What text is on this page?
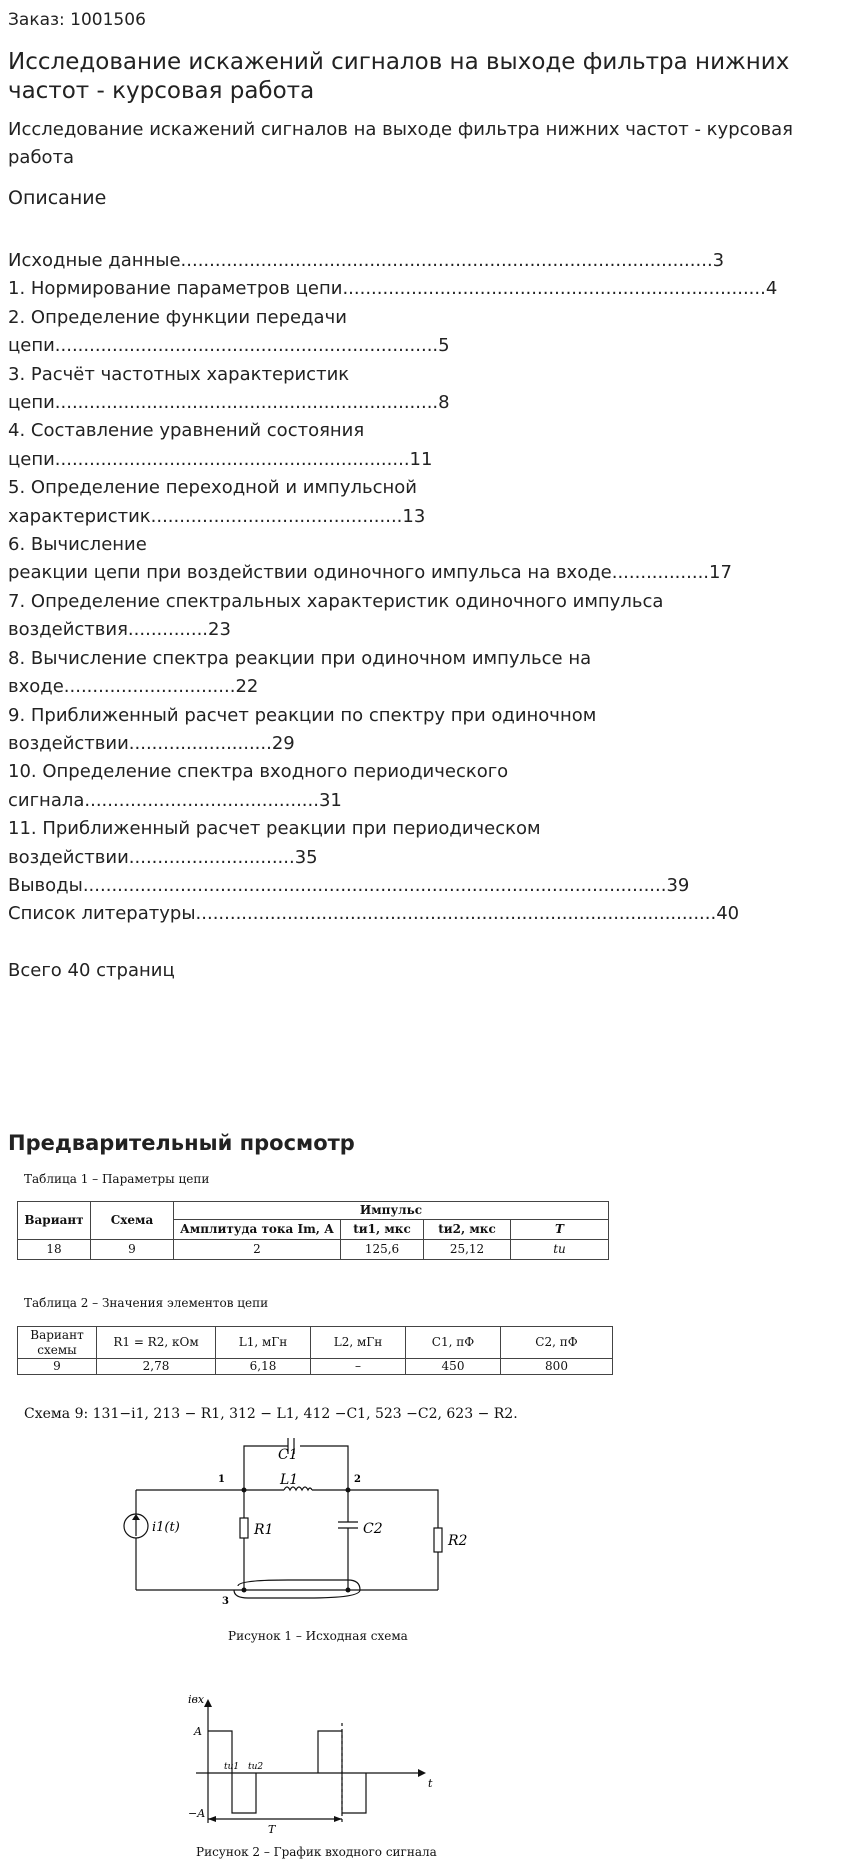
Заказ: 1001506
Исследование искажений сигналов на выходе фильтра нижних частот - курсовая работа
Исследование искажений сигналов на выходе фильтра нижних частот - курсовая работа
Описание
Исходные данные.............................................................................................3
1. Нормирование параметров цепи..........................................................................4
2. Определение функции передачи
цепи...................................................................5
3. Расчёт частотных характеристик
цепи...................................................................8
4. Составление уравнений состояния
цепи..............................................................11
5. Определение переходной и импульсной
характеристик............................................13
6. Вычисление
реакции цепи при воздействии одиночного импульса на входе.................17
7. Определение спектральных характеристик одиночного импульса
воздействия..............23
8. Вычисление спектра реакции при одиночном импульсе на
входе..............................22
9. Приближенный расчет реакции по спектру при одиночном
воздействии.........................29
10. Определение спектра входного периодического
сигнала.........................................31
11. Приближенный расчет реакции при периодическом
воздействии.............................35
Выводы......................................................................................................39
Список литературы...........................................................................................40
Всего 40 страниц
Предварительный просмотр
Таблица 1 – Параметры цепи
Вариант	Схема	Импульс			
		Амплитуда тока Im, А	tи1, мкс	tи2, мкс	T
18	9	2	125,6	25,12	tи
Таблица 2 – Значения элементов цепи
Вариант схемы	R1 = R2, кОм	L1, мГн	L2, мГн	C1, пФ	C2, пФ
9	2,78	6,18	–	450	800
Схема 9: 131−i1, 213 − R1, 312 − L1, 412 −C1, 523 −C2, 623 − R2.
C1
L1
R1	C2
R2
i1(t)
1	2
3
Рисунок 1 – Исходная схема
iвх
A
−A
t
tи1 tи2
T
Рисунок 2 – График входного сигнала
